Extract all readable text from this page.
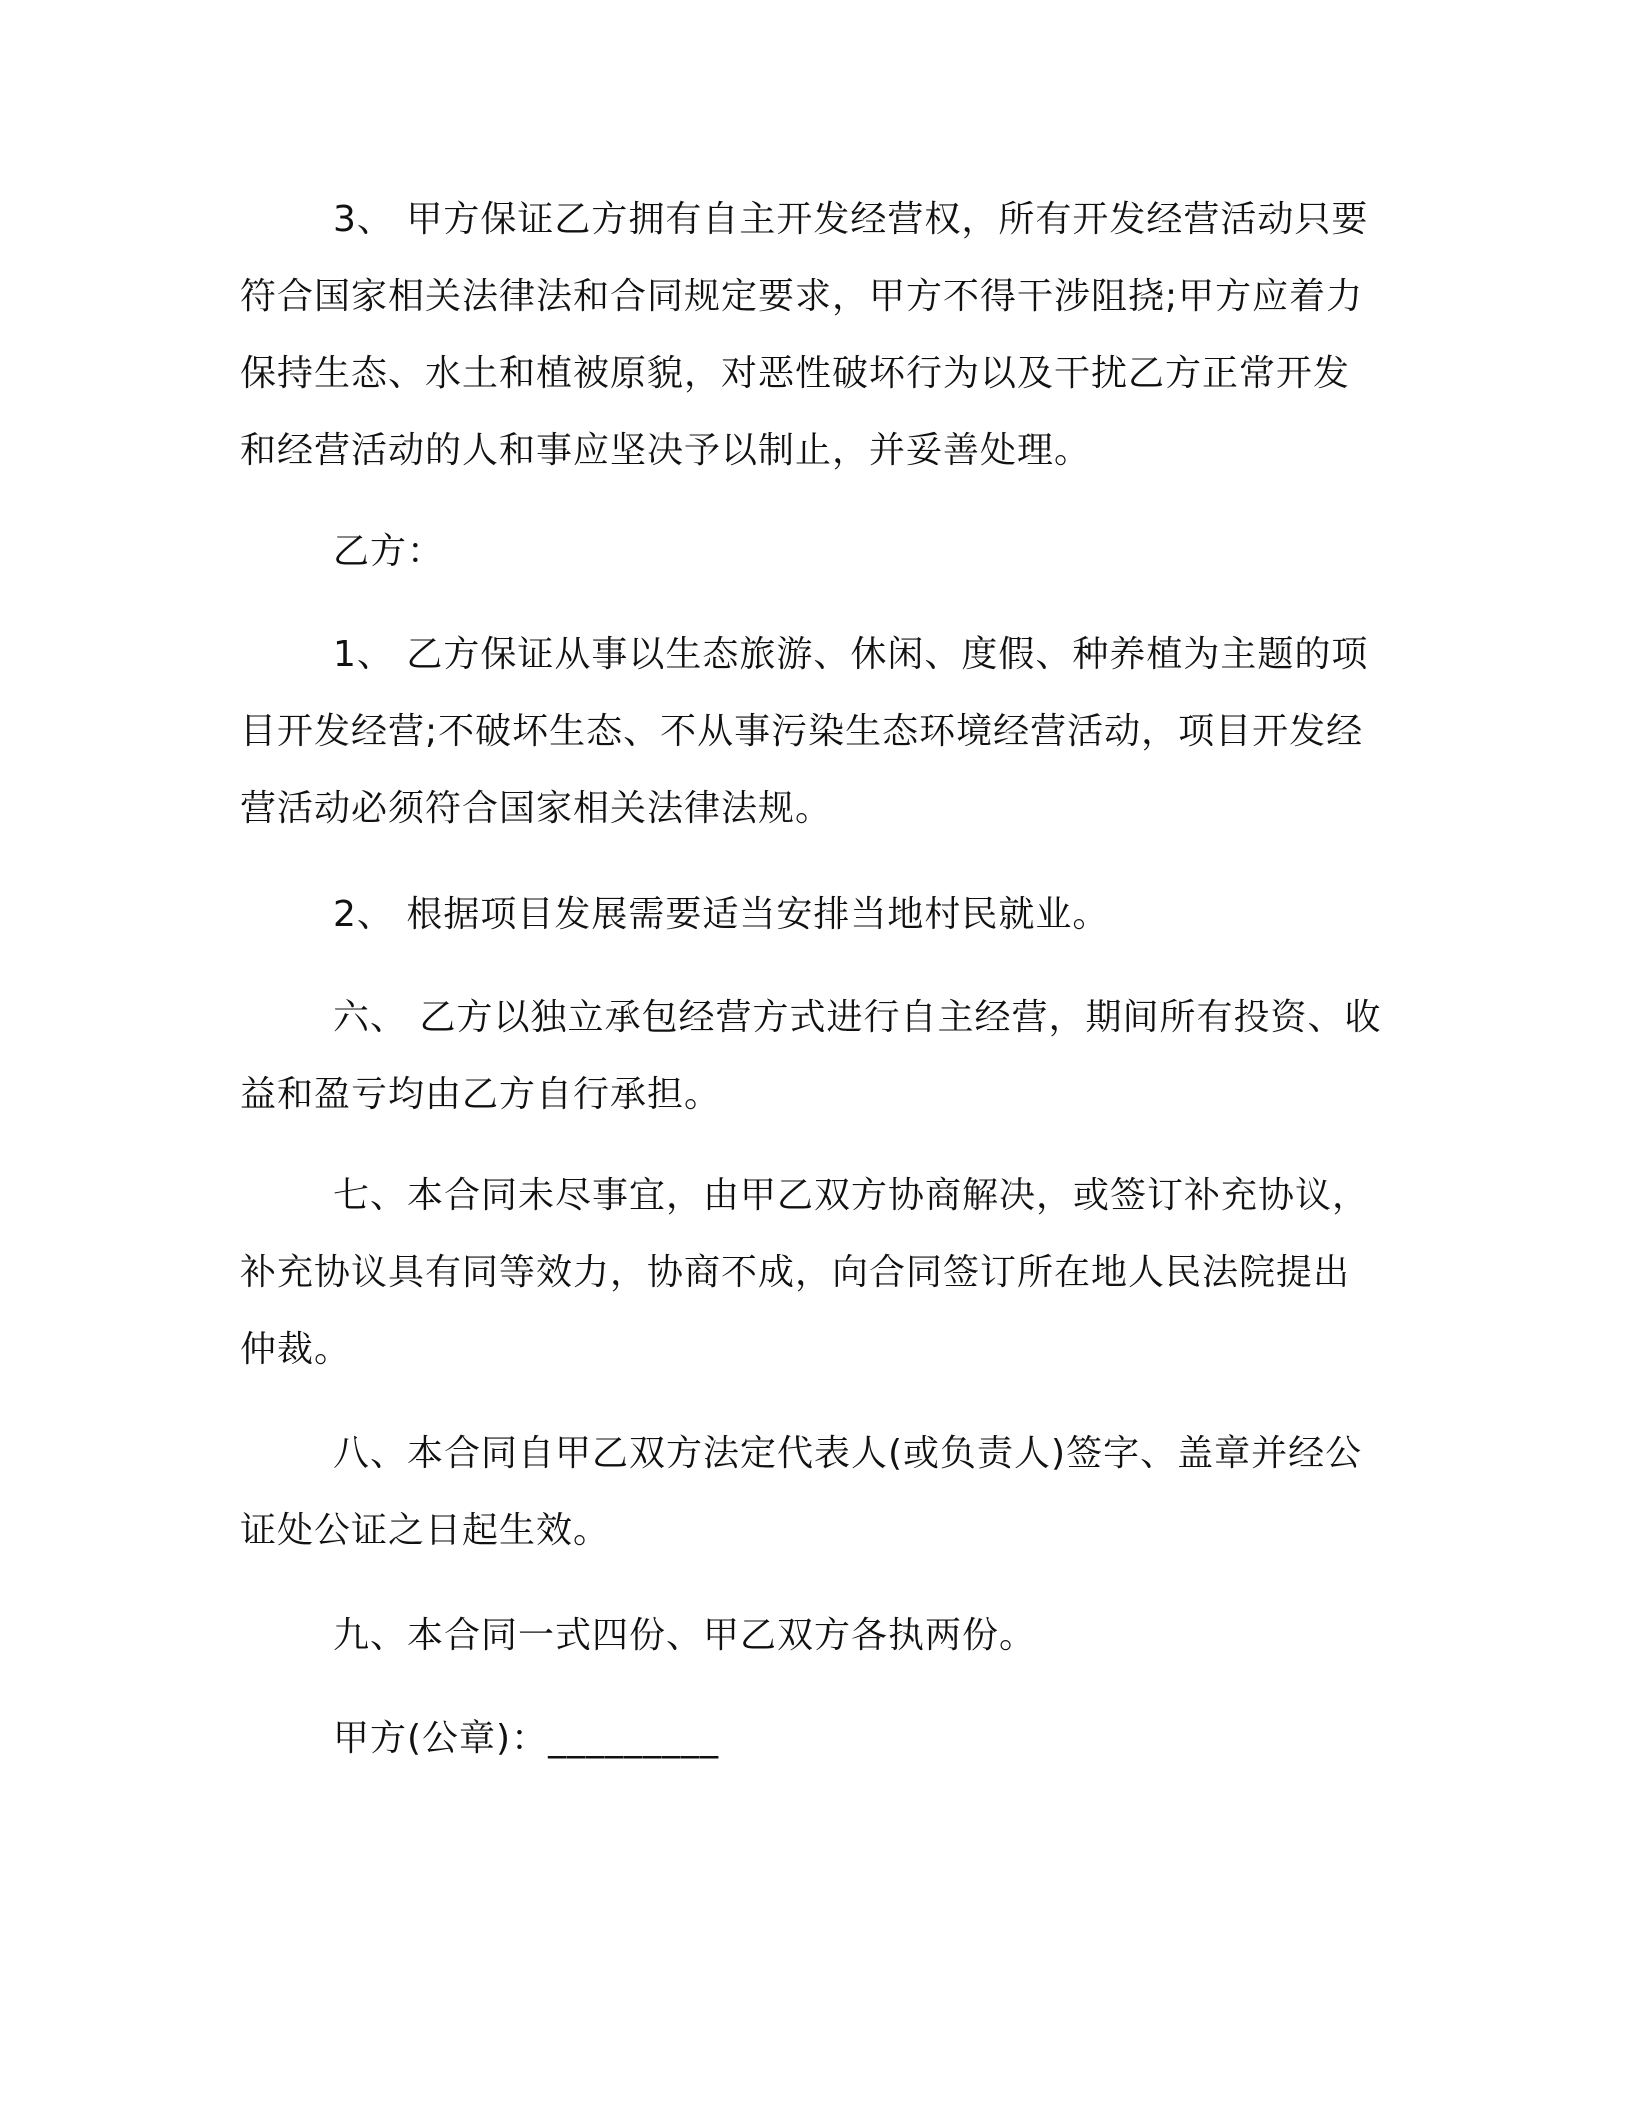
3、 甲方保证乙方拥有自主开发经营权，所有开发经营活动只要符合国家相关法律法和合同规定要求，甲方不得干涉阻挠;甲方应着力保持生态、水土和植被原貌，对恶性破坏行为以及干扰乙方正常开发和经营活动的人和事应坚决予以制止，并妥善处理。

乙方：

1、 乙方保证从事以生态旅游、休闲、度假、种养植为主题的项目开发经营;不破坏生态、不从事污染生态环境经营活动，项目开发经营活动必须符合国家相关法律法规。

2、 根据项目发展需要适当安排当地村民就业。

六、 乙方以独立承包经营方式进行自主经营，期间所有投资、收益和盈亏均由乙方自行承担。

七、本合同未尽事宜，由甲乙双方协商解决，或签订补充协议，补充协议具有同等效力，协商不成，向合同签订所在地人民法院提出仲裁。

八、本合同自甲乙双方法定代表人(或负责人)签字、盖章并经公证处公证之日起生效。

九、本合同一式四份、甲乙双方各执两份。

甲方(公章)：_________
